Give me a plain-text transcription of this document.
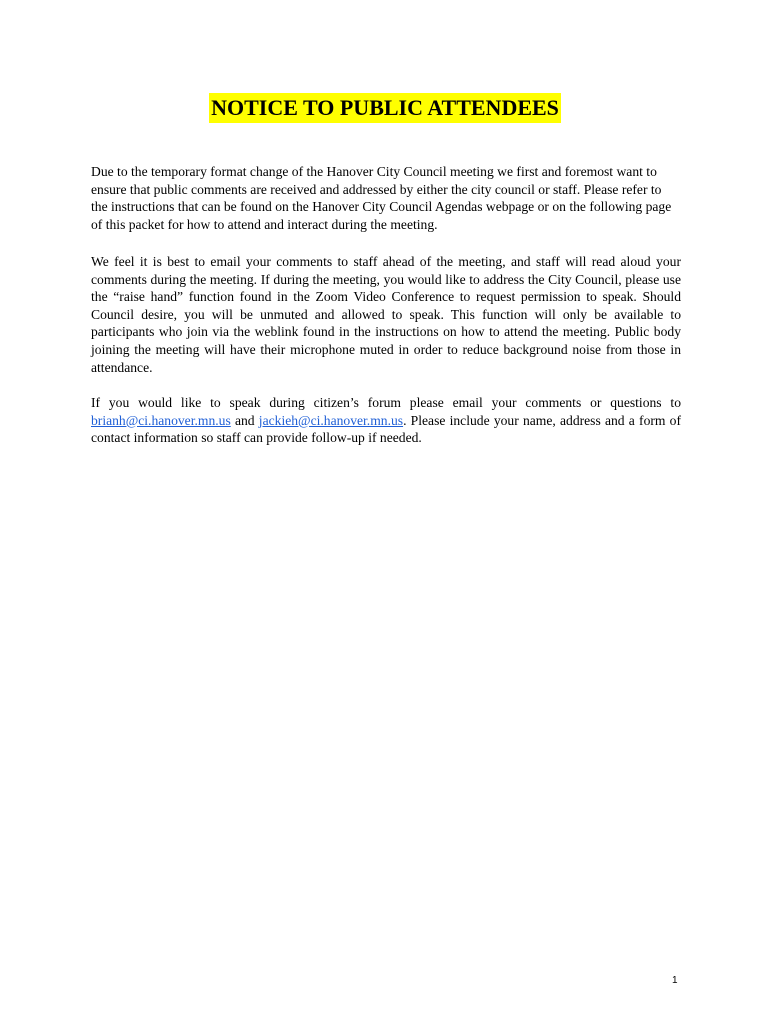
NOTICE TO PUBLIC ATTENDEES

Due to the temporary format change of the Hanover City Council meeting we first and foremost want to ensure that public comments are received and addressed by either the city council or staff. Please refer to the instructions that can be found on the Hanover City Council Agendas webpage or on the following page of this packet for how to attend and interact during the meeting.

We feel it is best to email your comments to staff ahead of the meeting, and staff will read aloud your comments during the meeting. If during the meeting, you would like to address the City Council, please use the “raise hand” function found in the Zoom Video Conference to request permission to speak. Should Council desire, you will be unmuted and allowed to speak. This function will only be available to participants who join via the weblink found in the instructions on how to attend the meeting. Public body joining the meeting will have their microphone muted in order to reduce background noise from those in attendance.

If you would like to speak during citizen’s forum please email your comments or questions to brianh@ci.hanover.mn.us and jackieh@ci.hanover.mn.us. Please include your name, address and a form of contact information so staff can provide follow-up if needed.

1
